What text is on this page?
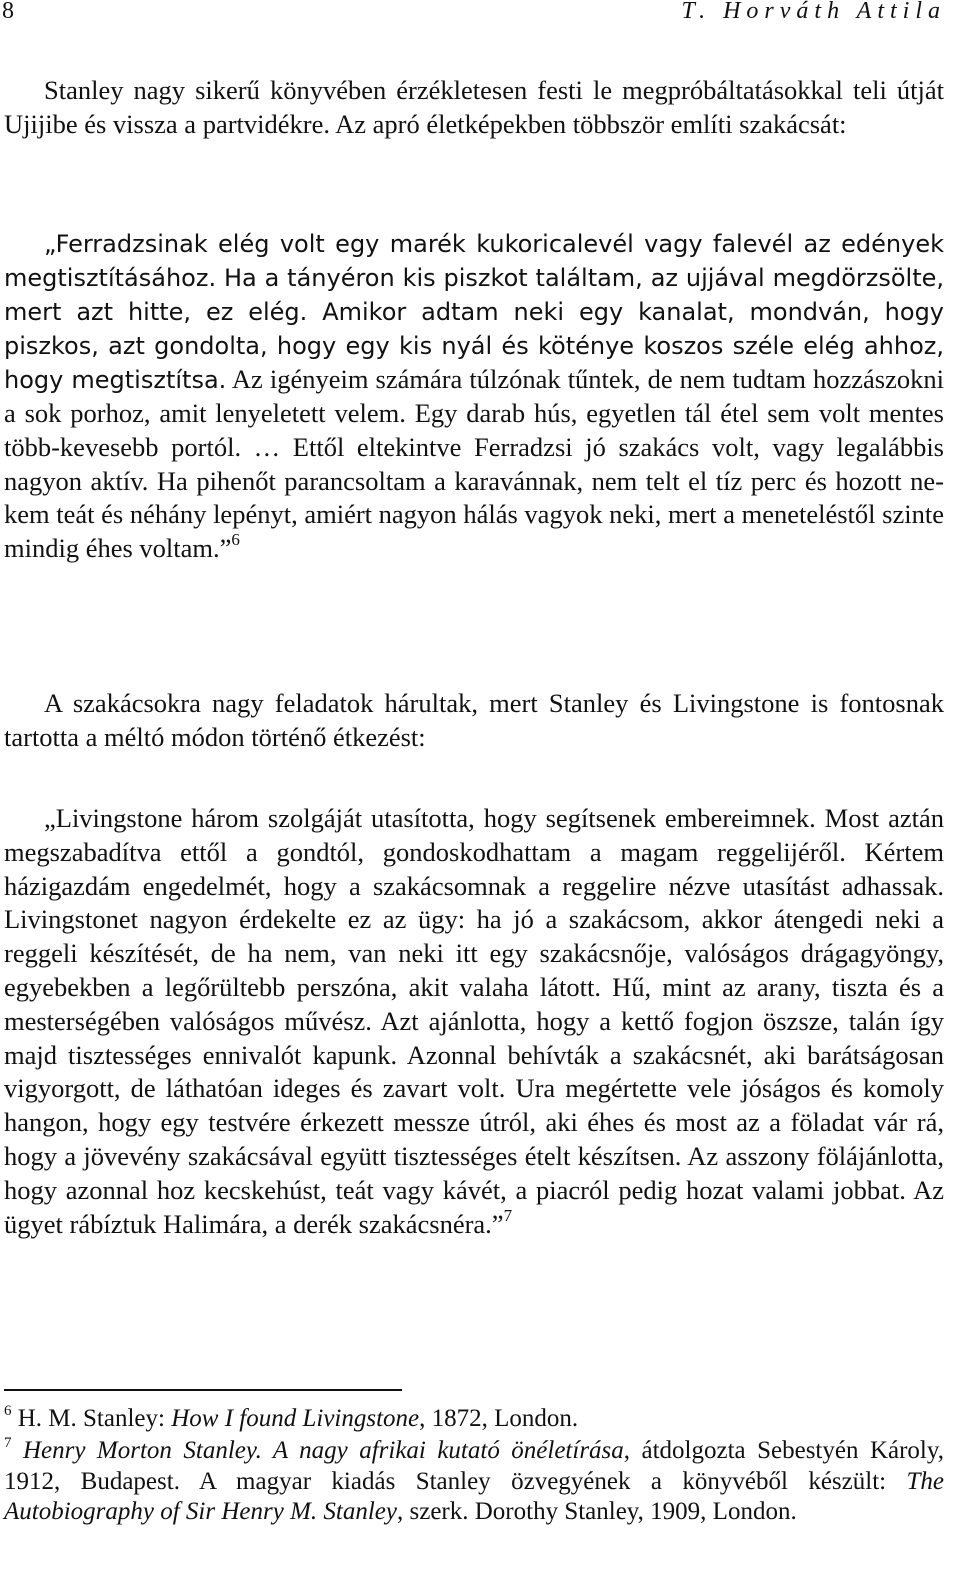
8	T. Horváth Attila

Stanley nagy sikerű könyvében érzékletesen festi le megpróbáltatásokkal teli útját Ujijibe és vissza a partvidékre. Az apró életképekben többször említi szakácsát:

„Ferradzsinak elég volt egy marék kukoricalevél vagy falevél az edények megtisztításához. Ha a tányéron kis piszkot találtam, az ujjával megdörzsölte, mert azt hitte, ez elég. Amikor adtam neki egy kanalat, mondván, hogy piszkos, azt gondolta, hogy egy kis nyál és köténye koszos széle elég ahhoz, hogy megtisztítsa. Az igényeim számára túlzónak tűntek, de nem tudtam hozzászokni a sok porhoz, amit lenyeletett velem. Egy darab hús, egyetlen tál étel sem volt mentes több-kevesebb portól. … Ettől eltekintve Ferradzsi jó szakács volt, vagy legalábbis nagyon aktív. Ha pihenőt parancsoltam a karavánnak, nem telt el tíz perc és hozott nekem teát és néhány lepényt, amiért nagyon hálás vagyok neki, mert a meneteléstől szinte mindig éhes voltam.”$^6$

A szakácsokra nagy feladatok hárultak, mert Stanley és Livingstone is fontosnak tartotta a méltó módon történő étkezést:

„Livingstone három szolgáját utasította, hogy segítsenek embereimnek. Most aztán megszabadítva ettől a gondtól, gondoskodhattam a magam reggelijéről. Kértem házigazdám engedelmét, hogy a szakácsomnak a reggelire nézve utasítást adhassak. Livingstonet nagyon érdekelte ez az ügy: ha jó a szakácsom, akkor átengedi neki a reggeli készítését, de ha nem, van neki itt egy szakácsnője, valóságos drágagyöngy, egyebekben a legőrültebb perszóna, akit valaha látott. Hű, mint az arany, tiszta és a mesterségében valóságos művész. Azt ajánlotta, hogy a kettő fogjon öszsze, talán így majd tisztességes ennivalót kapunk. Azonnal behívták a szakácsnét, aki barátságosan vigyorgott, de láthatóan ideges és zavart volt. Ura megértette vele jóságos és komoly hangon, hogy egy testvére érkezett messze útról, aki éhes és most az a föladat vár rá, hogy a jövevény szakácsával együtt tisztességes ételt készítsen. Az asszony fölájánlotta, hogy azonnal hoz kecskehúst, teát vagy kávét, a piacról pedig hozat valami jobbat. Az ügyet rábíztuk Halimára, a derék szakácsnéra.”$^7$

$^6$ H. M. Stanley: How I found Livingstone, 1872, London.

$^7$ Henry Morton Stanley. A nagy afrikai kutató önéletírása, átdolgozta Sebestyén Károly, 1912, Budapest. A magyar kiadás Stanley özvegyének a könyvéből készült: The Autobiography of Sir Henry M. Stanley, szerk. Dorothy Stanley, 1909, London.
